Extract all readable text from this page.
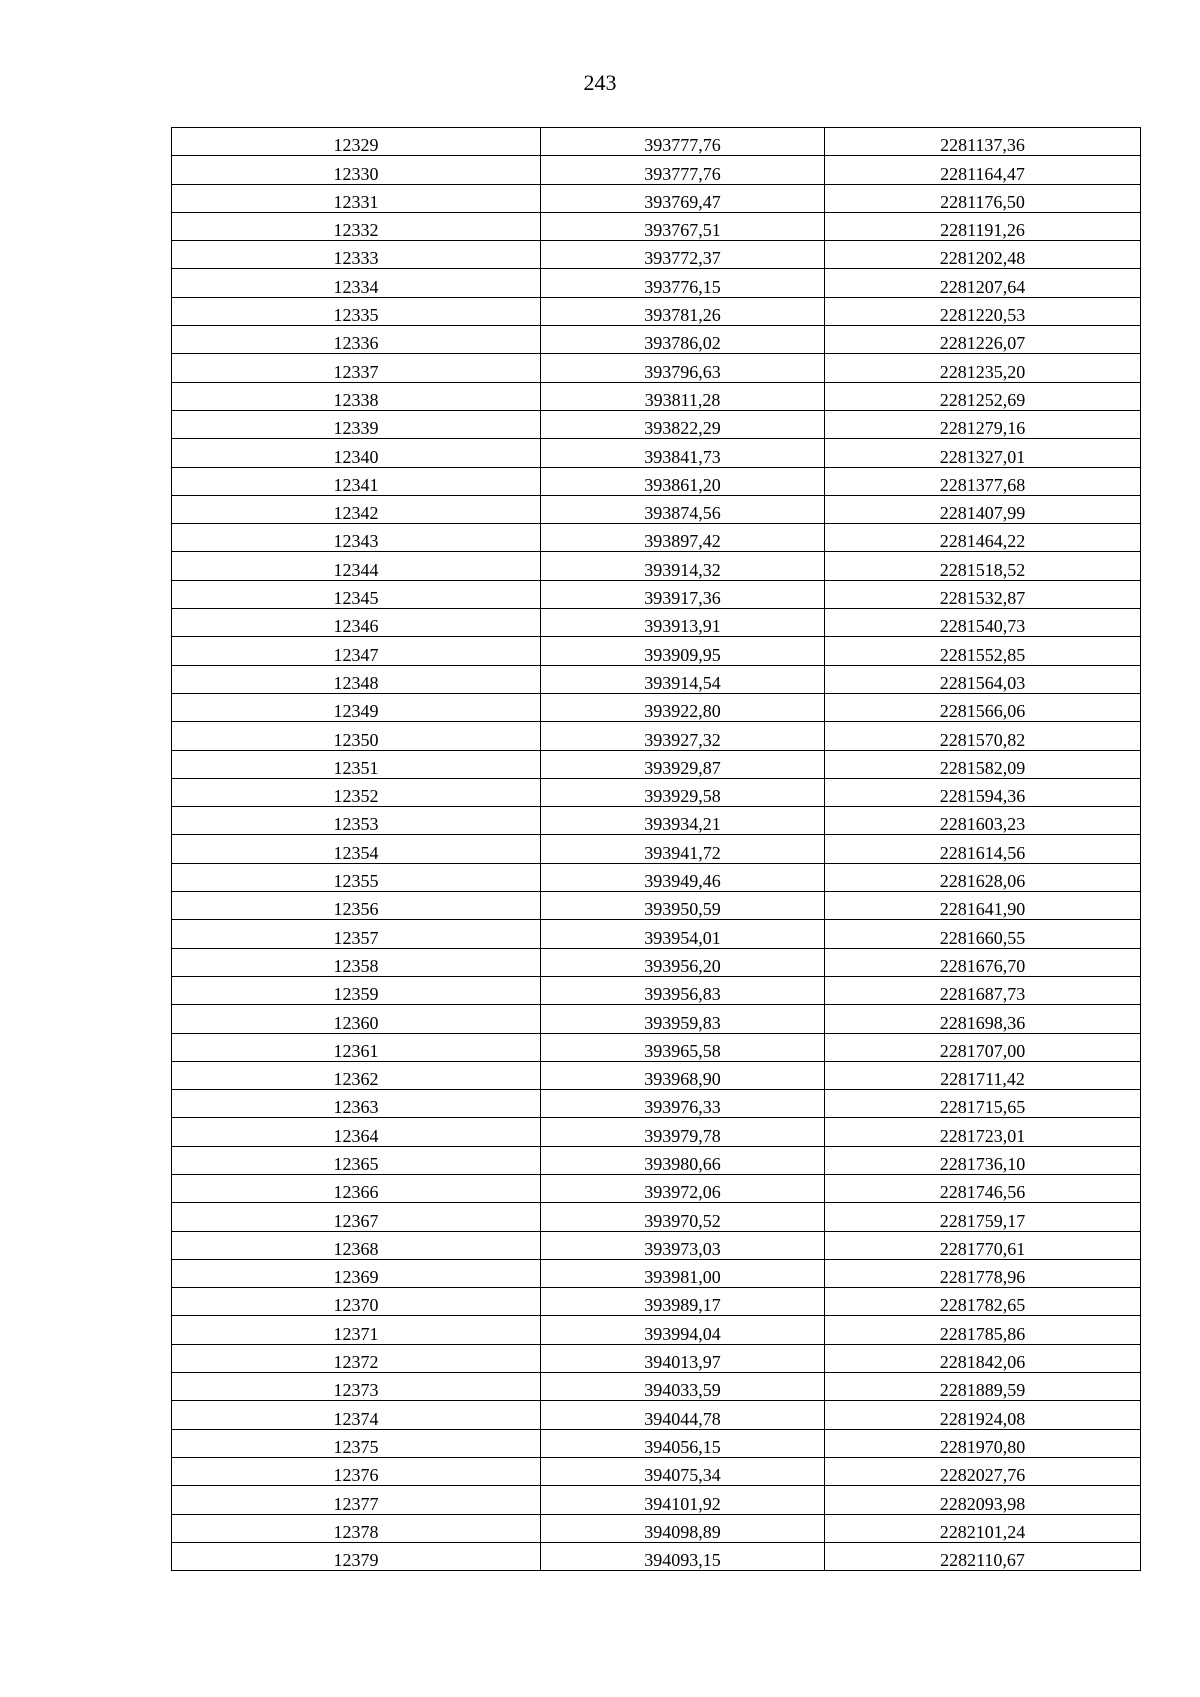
243
12329	393777,76	2281137,36
12330	393777,76	2281164,47
12331	393769,47	2281176,50
12332	393767,51	2281191,26
12333	393772,37	2281202,48
12334	393776,15	2281207,64
12335	393781,26	2281220,53
12336	393786,02	2281226,07
12337	393796,63	2281235,20
12338	393811,28	2281252,69
12339	393822,29	2281279,16
12340	393841,73	2281327,01
12341	393861,20	2281377,68
12342	393874,56	2281407,99
12343	393897,42	2281464,22
12344	393914,32	2281518,52
12345	393917,36	2281532,87
12346	393913,91	2281540,73
12347	393909,95	2281552,85
12348	393914,54	2281564,03
12349	393922,80	2281566,06
12350	393927,32	2281570,82
12351	393929,87	2281582,09
12352	393929,58	2281594,36
12353	393934,21	2281603,23
12354	393941,72	2281614,56
12355	393949,46	2281628,06
12356	393950,59	2281641,90
12357	393954,01	2281660,55
12358	393956,20	2281676,70
12359	393956,83	2281687,73
12360	393959,83	2281698,36
12361	393965,58	2281707,00
12362	393968,90	2281711,42
12363	393976,33	2281715,65
12364	393979,78	2281723,01
12365	393980,66	2281736,10
12366	393972,06	2281746,56
12367	393970,52	2281759,17
12368	393973,03	2281770,61
12369	393981,00	2281778,96
12370	393989,17	2281782,65
12371	393994,04	2281785,86
12372	394013,97	2281842,06
12373	394033,59	2281889,59
12374	394044,78	2281924,08
12375	394056,15	2281970,80
12376	394075,34	2282027,76
12377	394101,92	2282093,98
12378	394098,89	2282101,24
12379	394093,15	2282110,67
